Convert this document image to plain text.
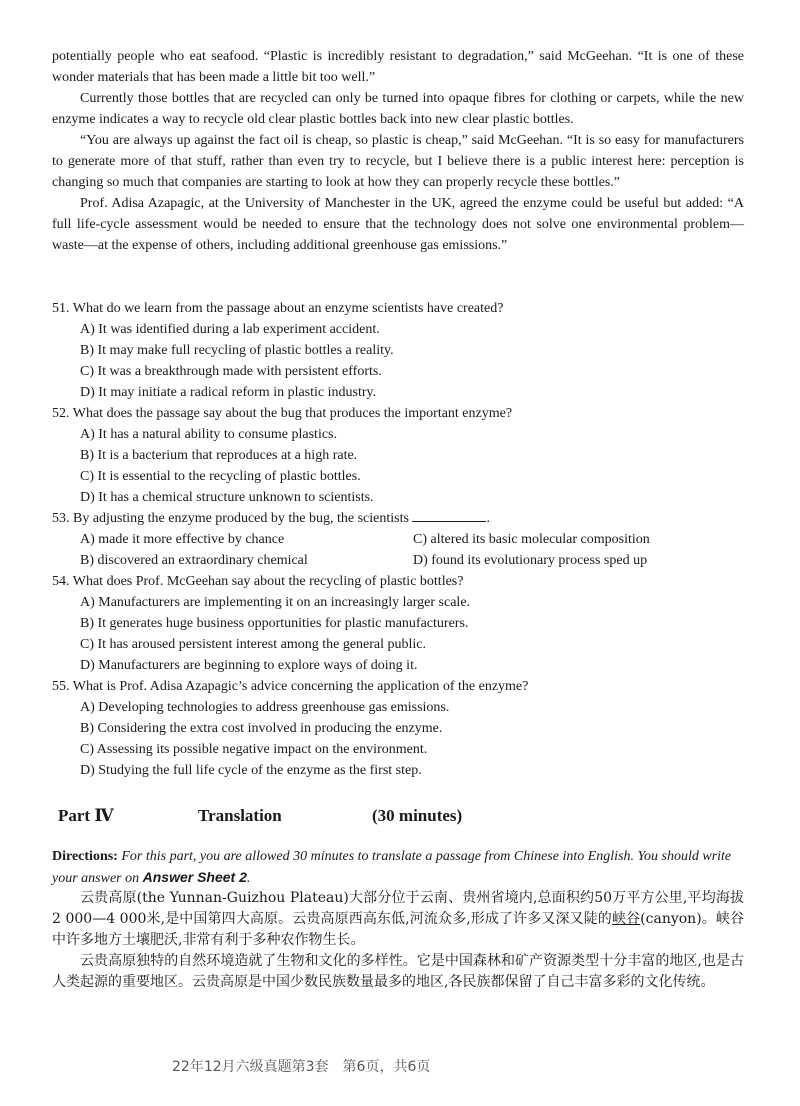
potentially people who eat seafood. “Plastic is incredibly resistant to degradation,” said McGeehan. “It is one of these wonder materials that has been made a little bit too well.”

Currently those bottles that are recycled can only be turned into opaque fibres for clothing or carpets, while the new enzyme indicates a way to recycle old clear plastic bottles back into new clear plastic bottles.

“You are always up against the fact oil is cheap, so plastic is cheap,” said McGeehan. “It is so easy for manufacturers to generate more of that stuff, rather than even try to recycle, but I believe there is a public interest here: perception is changing so much that companies are starting to look at how they can properly recycle these bottles.”

Prof. Adisa Azapagic, at the University of Manchester in the UK, agreed the enzyme could be useful but added: “A full life-cycle assessment would be needed to ensure that the technology does not solve one environmental problem—waste—at the expense of others, including additional greenhouse gas emissions.”

51. What do we learn from the passage about an enzyme scientists have created?

A) It was identified during a lab experiment accident.

B) It may make full recycling of plastic bottles a reality.

C) It was a breakthrough made with persistent efforts.

D) It may initiate a radical reform in plastic industry.

52. What does the passage say about the bug that produces the important enzyme?

A) It has a natural ability to consume plastics.

B) It is a bacterium that reproduces at a high rate.

C) It is essential to the recycling of plastic bottles.

D) It has a chemical structure unknown to scientists.

53. By adjusting the enzyme produced by the bug, the scientists	.

A) made it more effective by chance	C) altered its basic molecular composition
B) discovered an extraordinary chemical	D) found its evolutionary process sped up

54. What does Prof. McGeehan say about the recycling of plastic bottles?

A) Manufacturers are implementing it on an increasingly larger scale.

B) It generates huge business opportunities for plastic manufacturers.

C) It has aroused persistent interest among the general public.

D) Manufacturers are beginning to explore ways of doing it.

55. What is Prof. Adisa Azapagic’s advice concerning the application of the enzyme?

A) Developing technologies to address greenhouse gas emissions.

B) Considering the extra cost involved in producing the enzyme.

C) Assessing its possible negative impact on the environment.

D) Studying the full life cycle of the enzyme as the first step.

Part Ⅳ	Translation	(30 minutes)
Directions: For this part, you are allowed 30 minutes to translate a passage from Chinese into English. You should write your answer on Answer Sheet 2.

云贵高原(the Yunnan-Guizhou Plateau)大部分位于云南、贵州省境内,总面积约50万平方公里,平均海拔2 000—4 000米,是中国第四大高原。云贵高原西高东低,河流众多,形成了许多又深又陡的峡谷(canyon)。峡谷中许多地方土壤肥沃,非常有利于多种农作物生长。

云贵高原独特的自然环境造就了生物和文化的多样性。它是中国森林和矿产资源类型十分丰富的地区,也是古人类起源的重要地区。云贵高原是中国少数民族数量最多的地区,各民族都保留了自己丰富多彩的文化传统。

22年12月六级真题第3套　第6页，共6页
